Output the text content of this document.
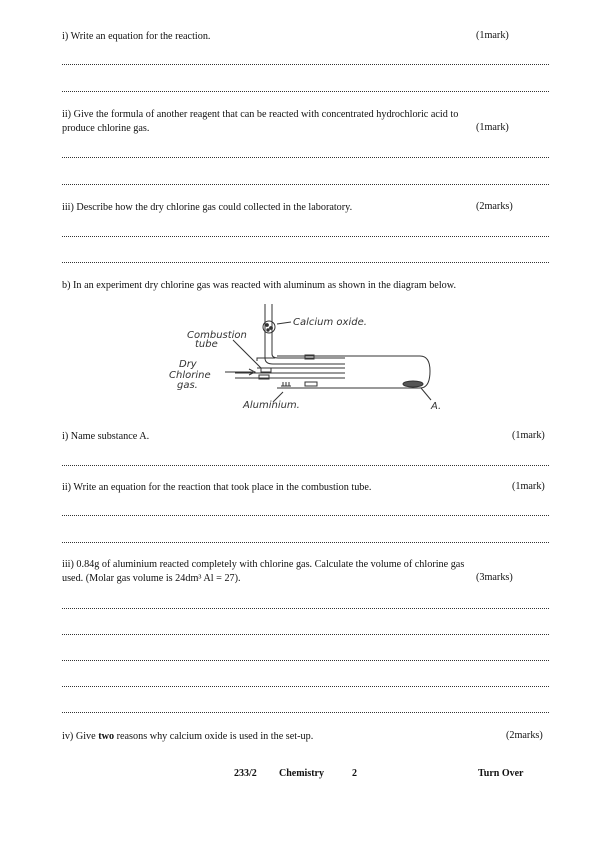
i) Write an equation for the reaction.	(1mark)
ii) Give the formula of another reagent that can be reacted with concentrated hydrochloric acid to
produce chlorine gas.	(1mark)
iii) Describe how the dry chlorine gas could collected in the laboratory.	(2marks)
b) In an experiment dry chlorine gas was reacted with aluminum as shown in the diagram below.
Calcium oxide.
Combustion
tube
Dry
Chlorine
gas.
Aluminium.	A.
i) Name substance A.	(1mark)
ii) Write an equation for the reaction that took place in the combustion tube.	(1mark)
iii) 0.84g of aluminium reacted completely with chlorine gas. Calculate the volume of chlorine gas
used. (Molar gas volume is 24dm³ Al = 27).	(3marks)
iv) Give two reasons why calcium oxide is used in the set-up.	(2marks)
233/2 Chemistry	2	Turn Over
